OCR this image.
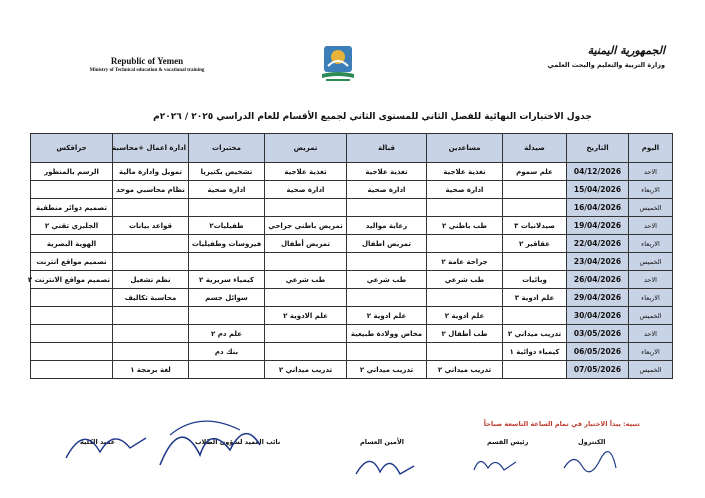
Republic of Yemen
Ministry of Technical education & vocational training
الجمهورية اليمنية
وزارة التربية والتعليم والبحث العلمي
جدول الاختبارات النهائية للفصل الثاني للمستوى الثاني لجميع الأقسام للعام الدراسي ٢٠٢٥ / ٢٠٢٦م
اليوم	التاريخ	صيدلة	مساعدين	قبالة	تمريض	مختبرات	ادارة اعمال +محاسبة	جرافكس
الاحد	04/12/2026	علم سموم	تغذية علاجية	تغذية علاجية	تغذية علاجية	تشخيص بكتيريا	تمويل وادارة مالية	الرسم بالمنظور
الاربعاء	15/04/2026		ادارة صحية	ادارة صحية	ادارة صحية	ادارة صحية	نظام محاسبي موحد	
الخميس	16/04/2026							تصميم دوائر منطقية
الاحد	19/04/2026	صيدلانيات ٣	طب باطني ٢	رعاية مواليد	تمريض باطني جراحي	طفيليات٢	قواعد بيانات	الجلبزي تقني ٢
الاربعاء	22/04/2026	عقاقير ٢		تمريض اطفال	تمريض أطفال	فيروسات وطفيليات		الهوية البصرية
الخميس	23/04/2026		جراحة عامة ٢					تصميم مواقع انترنت
الاحد	26/04/2026	وبائيات	طب شرعي	طب شرعي	طب شرعي	كيمياء سريرية ٢	نظم تشغيل	تصميم مواقع الانترنت ٢
الاربعاء	29/04/2026	علم ادوية ٣				سوائل جسم	محاسبة تكاليف	
الخميس	30/04/2026		علم ادوية ٢	علم ادوية ٢	علم الادوية ٢			
الاحد	03/05/2026	تدريب ميداني ٢	طب أطفال ٢	مخاض وولادة طبيعية		علم دم ٢		
الاربعاء	06/05/2026	كيمياء دوائية ١				بنك دم		
الخميس	07/05/2026		تدريب ميداني ٢	تدريب ميداني ٢	تدريب ميداني ٢		لغة برمجة ١	
تنبيه: يبدأ الاختبار في تمام الساعة التاسعة صباحاً
الكنترول
رئيس القسم
الأمين العسام
نائب العميد لشؤون الطلاب
عميد الكلية
